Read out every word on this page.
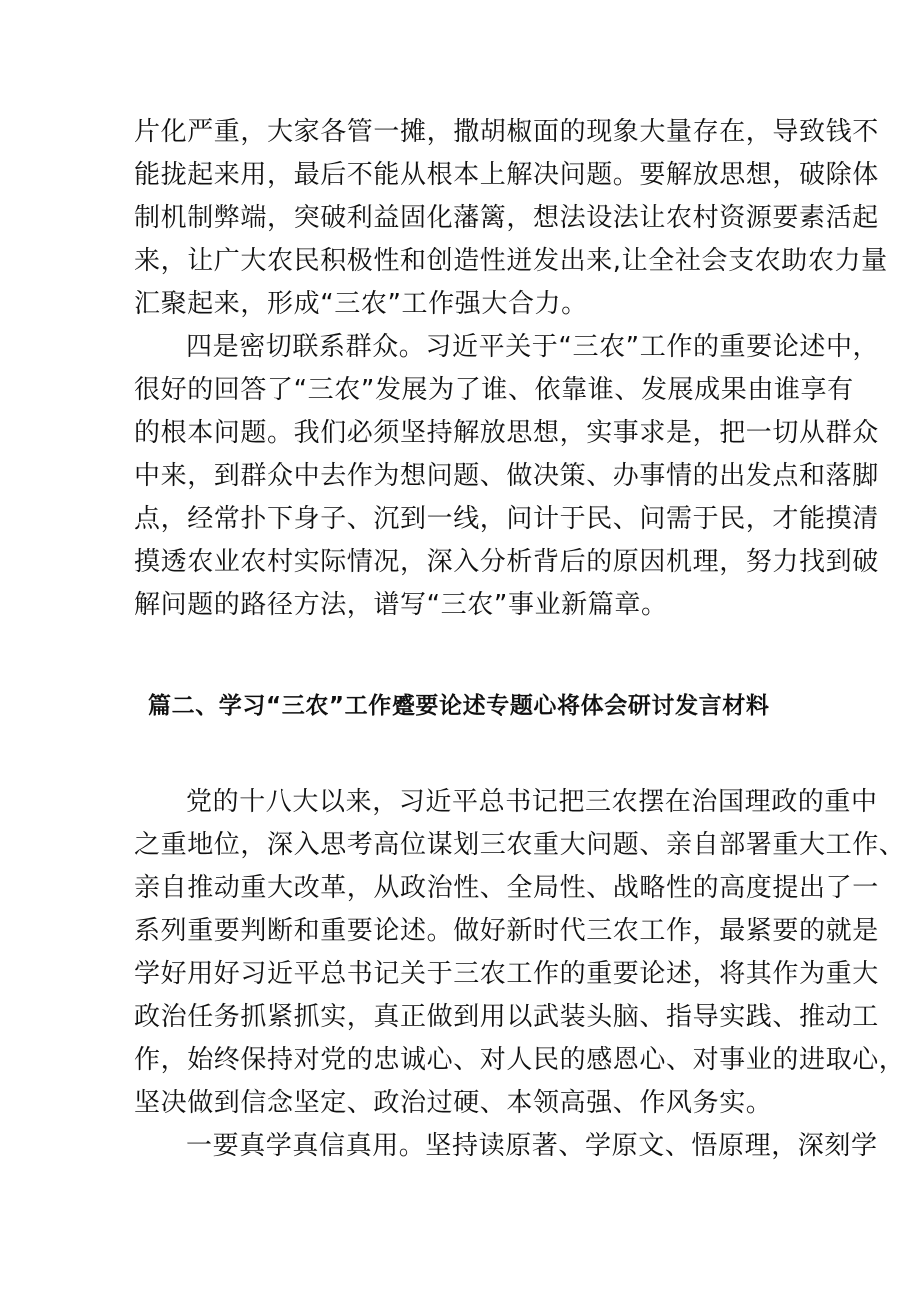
片化严重，大家各管一摊，撒胡椒面的现象大量存在，导致钱不
能拢起来用，最后不能从根本上解决问题。要解放思想，破除体
制机制弊端，突破利益固化藩篱，想法设法让农村资源要素活起
来，让广大农民积极性和创造性迸发出来,让全社会支农助农力量
汇聚起来，形成“三农”工作强大合力。
四是密切联系群众。习近平关于“三农”工作的重要论述中，
很好的回答了“三农”发展为了谁、依靠谁、发展成果由谁享有
的根本问题。我们必须坚持解放思想，实事求是，把一切从群众
中来，到群众中去作为想问题、做决策、办事情的出发点和落脚
点，经常扑下身子、沉到一线，问计于民、问需于民，才能摸清
摸透农业农村实际情况，深入分析背后的原因机理，努力找到破
解问题的路径方法，谱写“三农”事业新篇章。
篇二、学习“三农”工作蹙要论述专题心将体会研讨发言材料
党的十八大以来，习近平总书记把三农摆在治国理政的重中
之重地位，深入思考高位谋划三农重大问题、亲自部署重大工作、
亲自推动重大改革，从政治性、全局性、战略性的高度提出了一
系列重要判断和重要论述。做好新时代三农工作，最紧要的就是
学好用好习近平总书记关于三农工作的重要论述，将其作为重大
政治任务抓紧抓实，真正做到用以武装头脑、指导实践、推动工
作，始终保持对党的忠诚心、对人民的感恩心、对事业的进取心，
坚决做到信念坚定、政治过硬、本领高强、作风务实。
一要真学真信真用。坚持读原著、学原文、悟原理，深刻学
